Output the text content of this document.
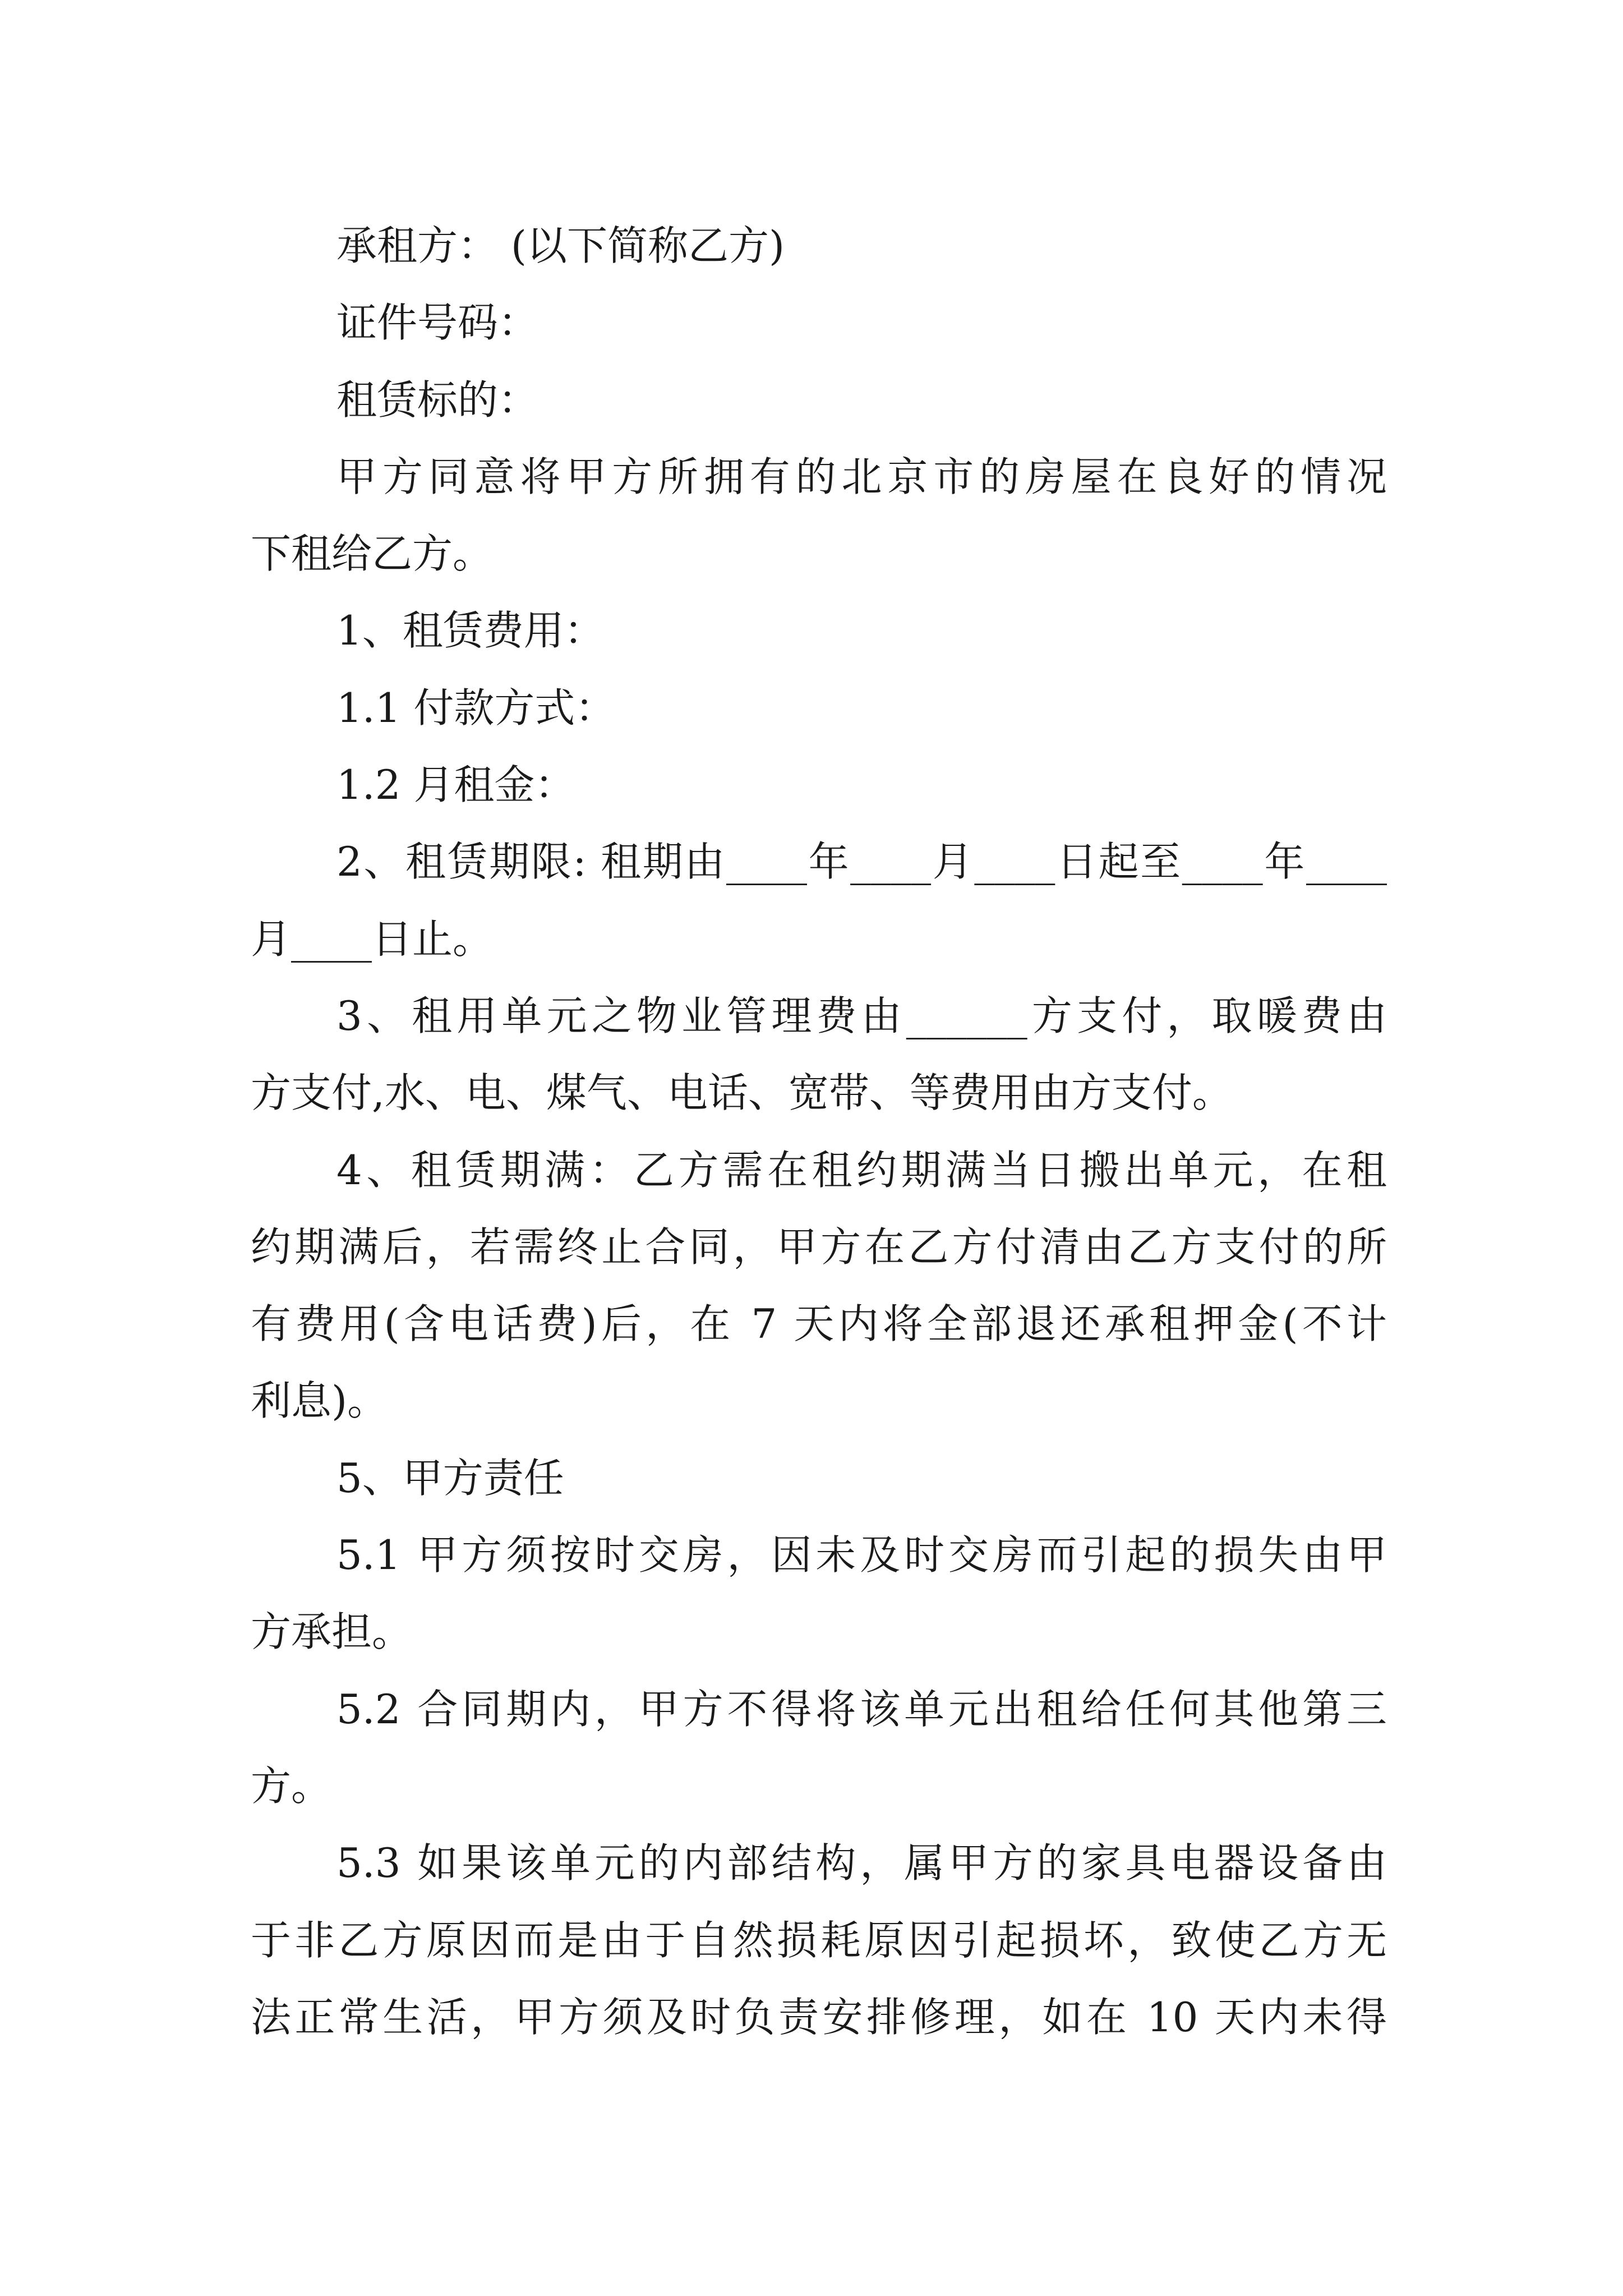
承租方： (以下简称乙方)
证件号码：
租赁标的：
甲方同意将甲方所拥有的北京市的房屋在良好的情况
下租给乙方。
1、租赁费用：
1.1 付款方式：
1.2 月租金：
2、租赁期限: 租期由____年____月____日起至____年____
月____日止。
3、租用单元之物业管理费由______方支付，取暖费由
方支付,水、电、煤气、电话、宽带、等费用由方支付。
4、租赁期满：乙方需在租约期满当日搬出单元，在租
约期满后，若需终止合同，甲方在乙方付清由乙方支付的所
有费用(含电话费)后，在 7 天内将全部退还承租押金(不计
利息)。
5、甲方责任
5.1 甲方须按时交房，因未及时交房而引起的损失由甲
方承担。
5.2 合同期内，甲方不得将该单元出租给任何其他第三
方。
5.3 如果该单元的内部结构，属甲方的家具电器设备由
于非乙方原因而是由于自然损耗原因引起损坏，致使乙方无
法正常生活，甲方须及时负责安排修理，如在 10 天内未得
